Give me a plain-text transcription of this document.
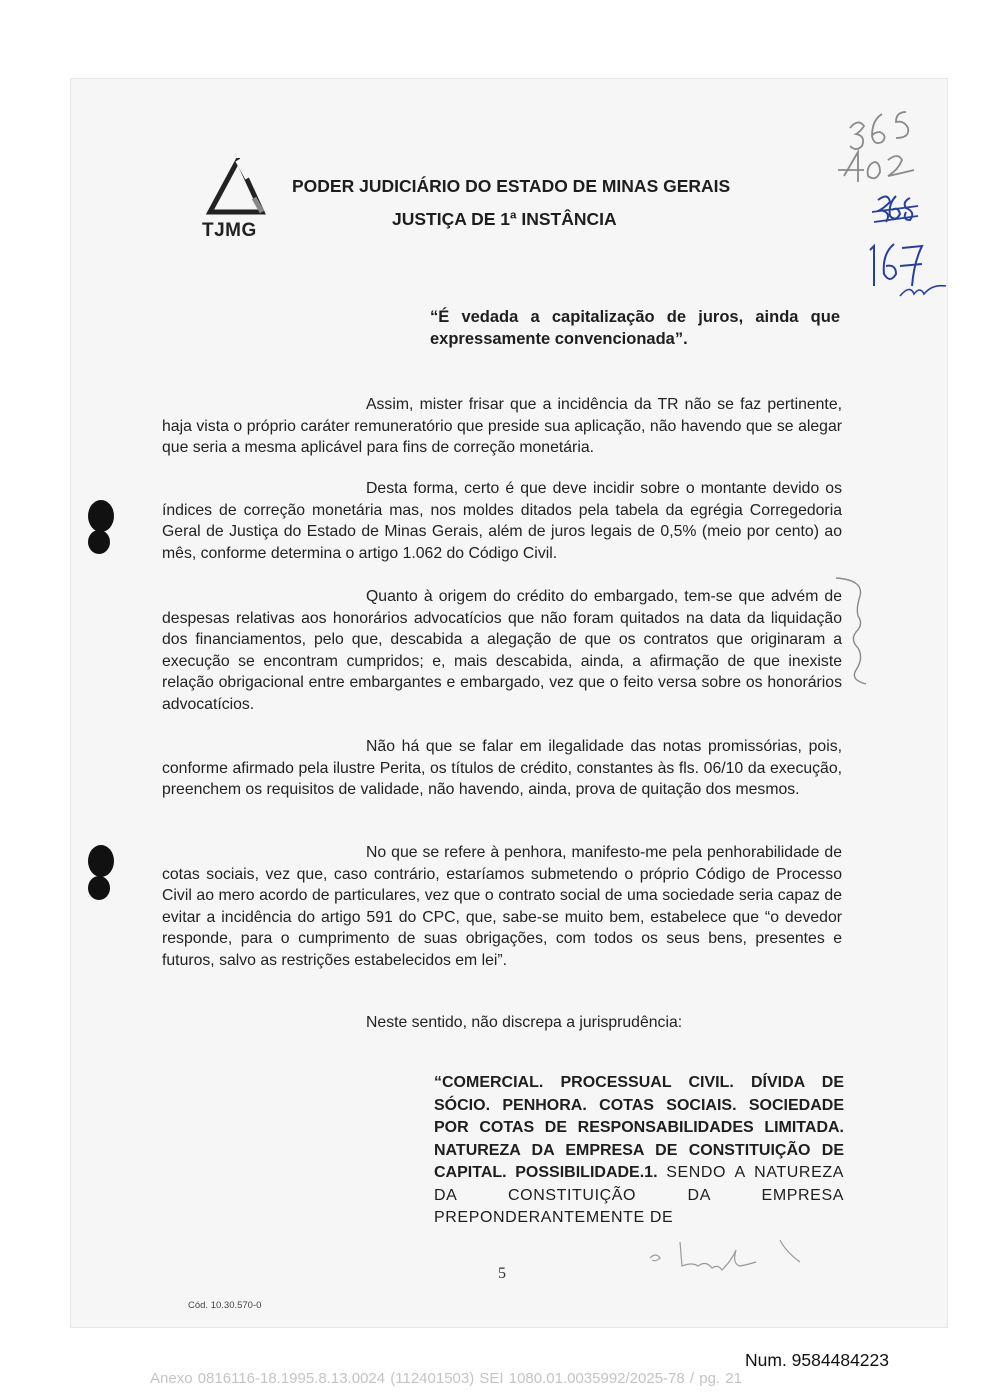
TJMG
PODER JUDICIÁRIO DO ESTADO DE MINAS GERAIS
JUSTIÇA DE 1ª INSTÂNCIA
“É vedada a capitalização de juros, ainda que expressamente convencionada”.
Assim, mister frisar que a incidência da TR não se faz pertinente, haja vista o próprio caráter remuneratório que preside sua aplicação, não havendo que se alegar que seria a mesma aplicável para fins de correção monetária.
Desta forma, certo é que deve incidir sobre o montante devido os índices de correção monetária mas, nos moldes ditados pela tabela da egrégia Corregedoria Geral de Justiça do Estado de Minas Gerais, além de juros legais de 0,5% (meio por cento) ao mês, conforme determina o artigo 1.062 do Código Civil.
Quanto à origem do crédito do embargado, tem-se que advém de despesas relativas aos honorários advocatícios que não foram quitados na data da liquidação dos financiamentos, pelo que, descabida a alegação de que os contratos que originaram a execução se encontram cumpridos; e, mais descabida, ainda, a afirmação de que inexiste relação obrigacional entre embargantes e embargado, vez que o feito versa sobre os honorários advocatícios.
Não há que se falar em ilegalidade das notas promissórias, pois, conforme afirmado pela ilustre Perita, os títulos de crédito, constantes às fls. 06/10 da execução, preenchem os requisitos de validade, não havendo, ainda, prova de quitação dos mesmos.
No que se refere à penhora, manifesto-me pela penhorabilidade de cotas sociais, vez que, caso contrário, estaríamos submetendo o próprio Código de Processo Civil ao mero acordo de particulares, vez que o contrato social de uma sociedade seria capaz de evitar a incidência do artigo 591 do CPC, que, sabe-se muito bem, estabelece que “o devedor responde, para o cumprimento de suas obrigações, com todos os seus bens, presentes e futuros, salvo as restrições estabelecidos em lei”.
Neste sentido, não discrepa a jurisprudência:
“COMERCIAL. PROCESSUAL CIVIL. DÍVIDA DE SÓCIO. PENHORA. COTAS SOCIAIS. SOCIEDADE POR COTAS DE RESPONSABILIDADES LIMITADA. NATUREZA DA EMPRESA DE CONSTITUIÇÃO DE CAPITAL. POSSIBILIDADE.1. SENDO A NATUREZA DA CONSTITUIÇÃO DA EMPRESA PREPONDERANTEMENTE DE
5
Cód. 10.30.570-0
Num. 9584484223
Anexo 0816116-18.1995.8.13.0024 (112401503) SEI 1080.01.0035992/2025-78 / pg. 21
